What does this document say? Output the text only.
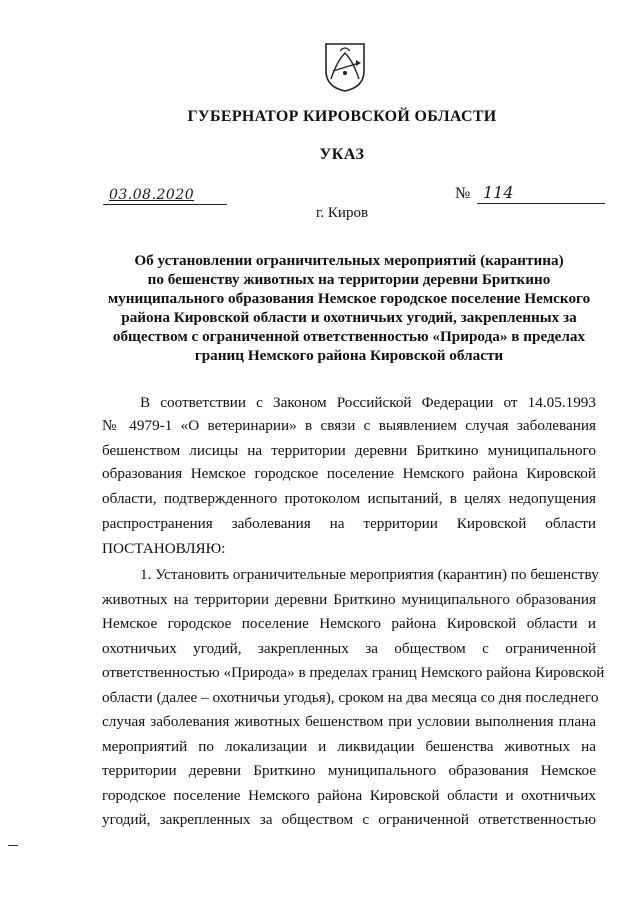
ГУБЕРНАТОР КИРОВСКОЙ ОБЛАСТИ
УКАЗ
03.08.2020	№ 114
г. Киров
Об установлении ограничительных мероприятий (карантина)
по бешенству животных на территории деревни Бриткино
муниципального образования Немское городское поселение Немского
района Кировской области и охотничьих угодий, закрепленных за
обществом с ограниченной ответственностью «Природа» в пределах
границ Немского района Кировской области
В соответствии с Законом Российской Федерации от 14.05.1993
№ 4979-1 «О ветеринарии» в связи с выявлением случая заболевания
бешенством лисицы на территории деревни Бриткино муниципального
образования Немское городское поселение Немского района Кировской
области, подтвержденного протоколом испытаний, в целях недопущения
распространения заболевания на территории Кировской области
ПОСТАНОВЛЯЮ:
1. Установить ограничительные мероприятия (карантин) по бешенству
животных на территории деревни Бриткино муниципального образования
Немское городское поселение Немского района Кировской области и
охотничьих угодий, закрепленных за обществом с ограниченной
ответственностью «Природа» в пределах границ Немского района Кировской
области (далее – охотничьи угодья), сроком на два месяца со дня последнего
случая заболевания животных бешенством при условии выполнения плана
мероприятий по локализации и ликвидации бешенства животных на
территории деревни Бриткино муниципального образования Немское
городское поселение Немского района Кировской области и охотничьих
угодий, закрепленных за обществом с ограниченной ответственностью
